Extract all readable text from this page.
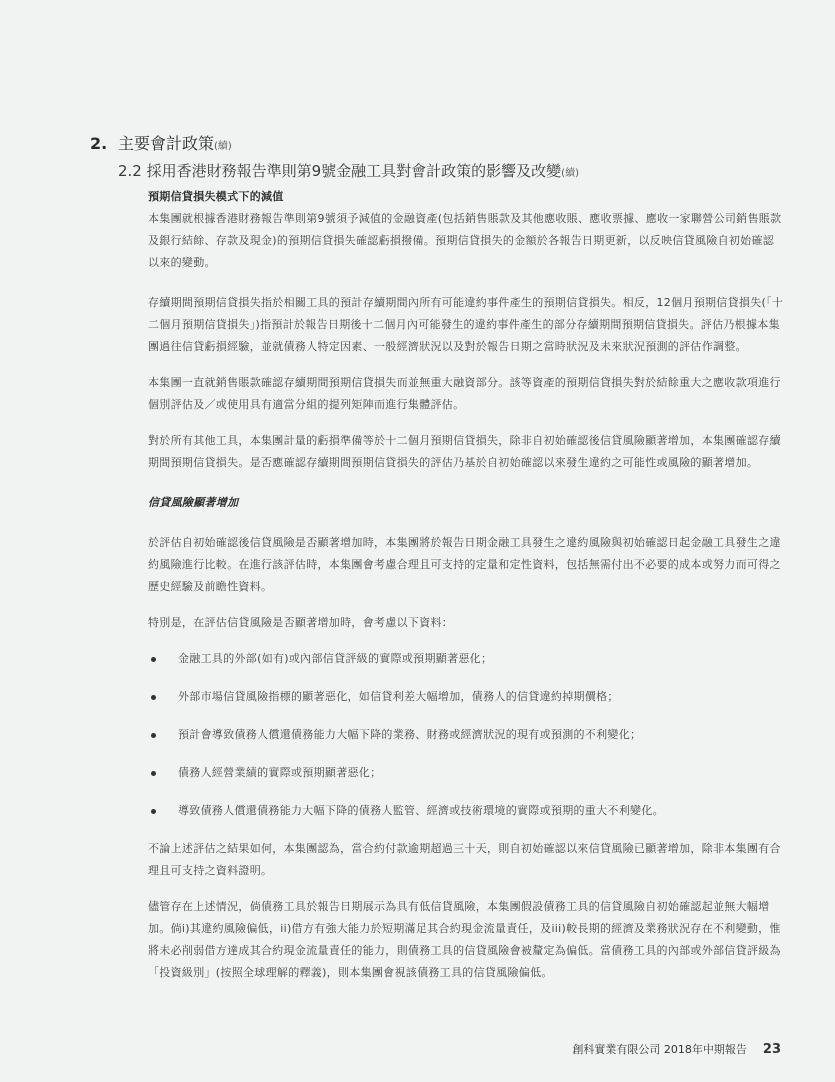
2. 主要會計政策(續)
2.2 採用香港財務報告準則第9號金融工具對會計政策的影響及改變(續)

預期信貸損失模式下的減值

本集團就根據香港財務報告準則第9號須予減值的金融資產(包括銷售賬款及其他應收賬、應收票據、應收一家聯營公司銷售賬款及銀行結餘、存款及現金)的預期信貸損失確認虧損撥備。預期信貸損失的金額於各報告日期更新，以反映信貸風險自初始確認以來的變動。

存續期間預期信貸損失指於相關工具的預計存續期間內所有可能違約事件產生的預期信貸損失。相反，12個月預期信貸損失(「十二個月預期信貸損失」)指預計於報告日期後十二個月內可能發生的違約事件產生的部分存續期間預期信貸損失。評估乃根據本集團過往信貸虧損經驗，並就債務人特定因素、一般經濟狀況以及對於報告日期之當時狀況及未來狀況預測的評估作調整。

本集團一直就銷售賬款確認存續期間預期信貸損失而並無重大融資部分。該等資產的預期信貸損失對於結餘重大之應收款項進行個別評估及／或使用具有適當分組的提列矩陣而進行集體評估。

對於所有其他工具，本集團計量的虧損準備等於十二個月預期信貸損失，除非自初始確認後信貸風險顯著增加，本集團確認存續期間預期信貸損失。是否應確認存續期間預期信貸損失的評估乃基於自初始確認以來發生違約之可能性或風險的顯著增加。

信貸風險顯著增加

於評估自初始確認後信貸風險是否顯著增加時，本集團將於報告日期金融工具發生之違約風險與初始確認日起金融工具發生之違約風險進行比較。在進行該評估時，本集團會考慮合理且可支持的定量和定性資料，包括無需付出不必要的成本或努力而可得之歷史經驗及前瞻性資料。

特別是，在評估信貸風險是否顯著增加時，會考慮以下資料：

金融工具的外部(如有)或內部信貸評級的實際或預期顯著惡化；
外部市場信貸風險指標的顯著惡化，如信貸利差大幅增加，債務人的信貸違約掉期價格；
預計會導致債務人償還債務能力大幅下降的業務、財務或經濟狀況的現有或預測的不利變化；
債務人經營業績的實際或預期顯著惡化；
導致債務人償還債務能力大幅下降的債務人監管、經濟或技術環境的實際或預期的重大不利變化。

不論上述評估之結果如何，本集團認為，當合約付款逾期超過三十天，則自初始確認以來信貸風險已顯著增加，除非本集團有合理且可支持之資料證明。

儘管存在上述情況，倘債務工具於報告日期展示為具有低信貸風險，本集團假設債務工具的信貸風險自初始確認起並無大幅增加。倘i)其違約風險偏低，ii)借方有強大能力於短期滿足其合約現金流量責任，及iii)較長期的經濟及業務狀況存在不利變動，惟將未必削弱借方達成其合約現金流量責任的能力，則債務工具的信貸風險會被釐定為偏低。當債務工具的內部或外部信貸評級為「投資級別」(按照全球理解的釋義)，則本集團會視該債務工具的信貸風險偏低。

創科實業有限公司 2018年中期報告 23
